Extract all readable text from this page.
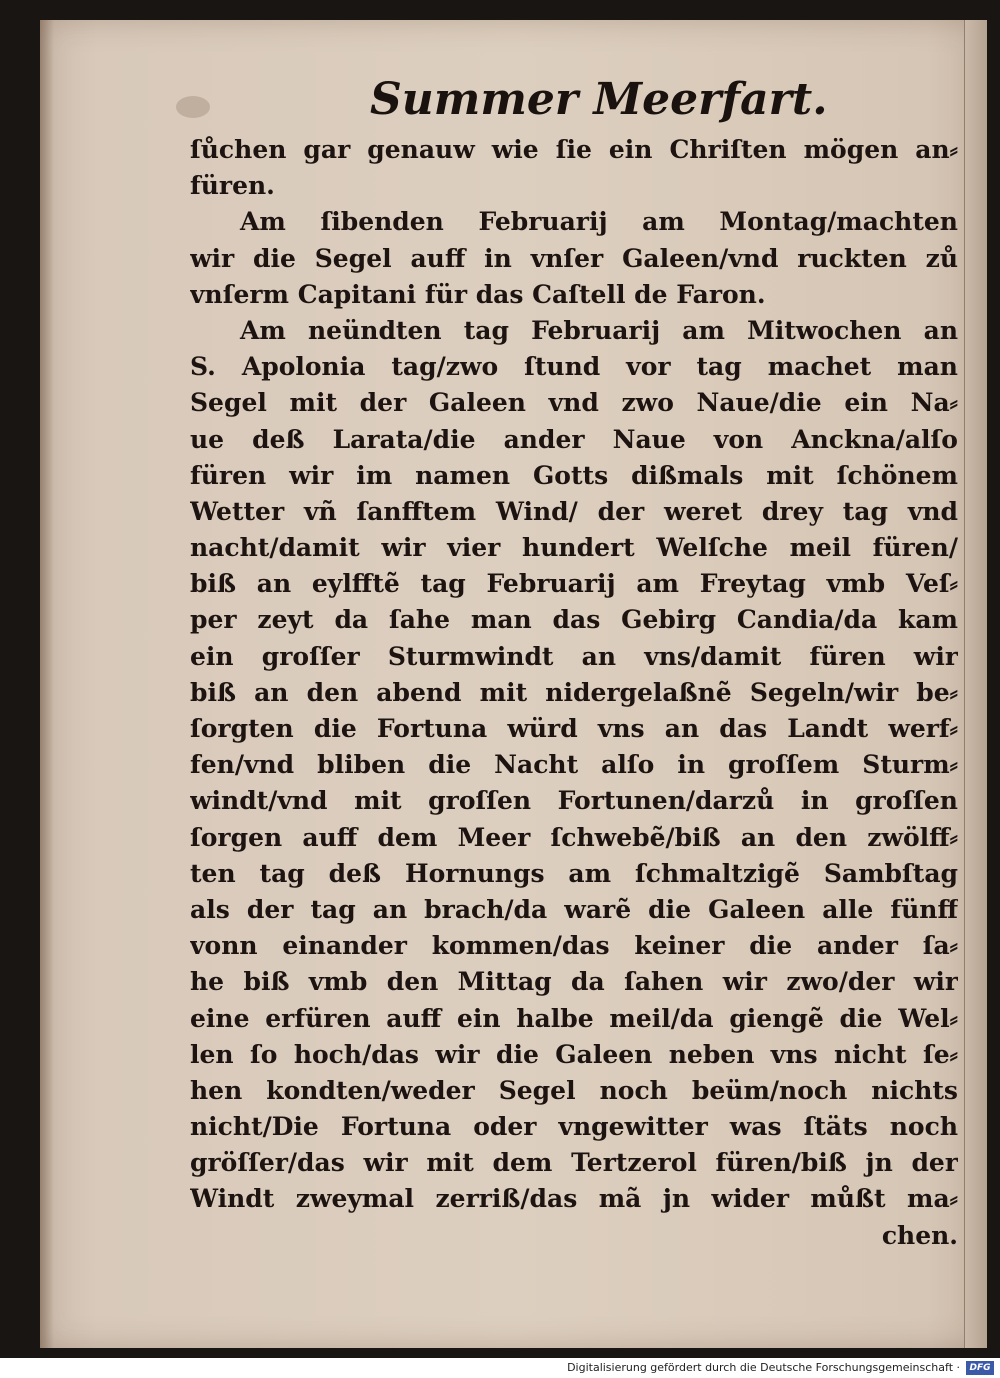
Summer Meerfart.
ſůchen gar genauw wie ſie ein Chriſten mögen an⸗
füren.
Am ſibenden Februarij am Montag/machten
wir die Segel auff in vnſer Galeen/vnd ruckten zů
vnſerm Capitani für das Caſtell de Faron.
Am neündten tag Februarij am Mitwochen an
S. Apolonia tag/zwo ſtund vor tag machet man
Segel mit der Galeen vnd zwo Naue/die ein Na⸗
ue deß Larata/die ander Naue von Anckna/alſo
füren wir im namen Gotts dißmals mit ſchönem
Wetter vñ ſanfftem Wind/ der weret drey tag vnd
nacht/damit wir vier hundert Welſche meil füren/
biß an eylfftẽ tag Februarij am Freytag vmb Veſ⸗
per zeyt da ſahe man das Gebirg Candia/da kam
ein groſſer Sturmwindt an vns/damit füren wir
biß an den abend mit nidergelaßnẽ Segeln/wir be⸗
ſorgten die Fortuna würd vns an das Landt werf⸗
fen/vnd bliben die Nacht alſo in groſſem Sturm⸗
windt/vnd mit groſſen Fortunen/darzů in groſſen
ſorgen auff dem Meer ſchwebẽ/biß an den zwölff⸗
ten tag deß Hornungs am ſchmaltzigẽ Sambſtag
als der tag an brach/da warẽ die Galeen alle fünff
vonn einander kommen/das keiner die ander ſa⸗
he biß vmb den Mittag da ſahen wir zwo/der wir
eine erfüren auff ein halbe meil/da giengẽ die Wel⸗
len ſo hoch/das wir die Galeen neben vns nicht ſe⸗
hen kondten/weder Segel noch beüm/noch nichts
nicht/Die Fortuna oder vngewitter was ſtäts noch
gröſſer/das wir mit dem Tertzerol füren/biß jn der
Windt zweymal zerriß/das mã jn wider můßt ma⸗
chen.
Digitalisierung gefördert durch die Deutsche Forschungsgemeinschaft ·	DFG
